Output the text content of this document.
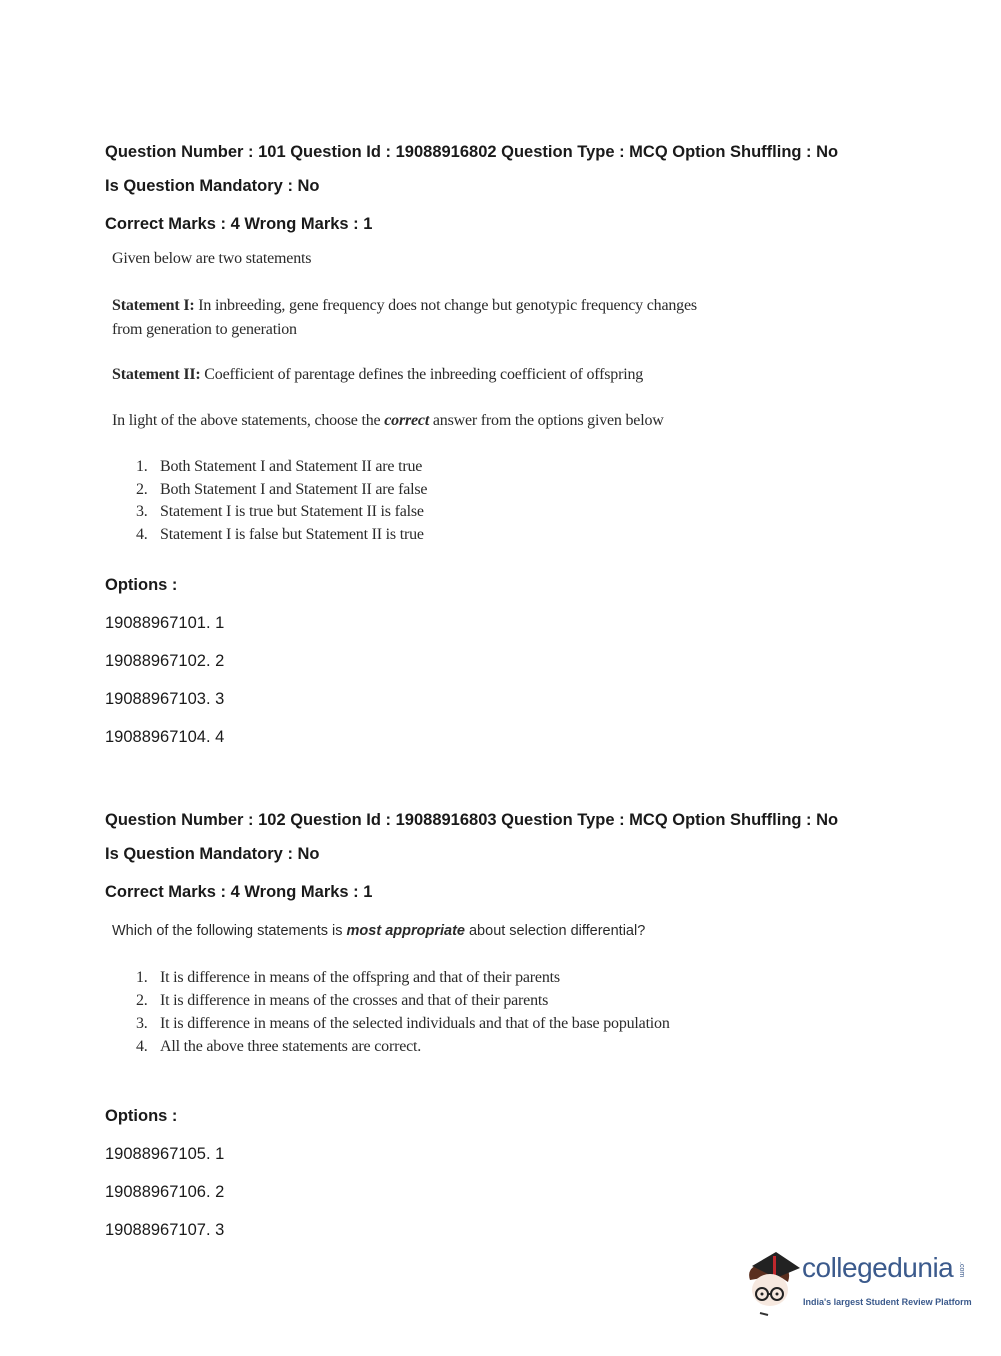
Question Number : 101 Question Id : 19088916802 Question Type : MCQ Option Shuffling : No
Is Question Mandatory : No
Correct Marks : 4 Wrong Marks : 1
Given below are two statements
Statement I: In inbreeding, gene frequency does not change but genotypic frequency changes
from generation to generation
Statement II: Coefficient of parentage defines the inbreeding coefficient of offspring
In light of the above statements, choose the correct answer from the options given below
1. Both Statement I and Statement II are true
2. Both Statement I and Statement II are false
3. Statement I is true but Statement II is false
4. Statement I is false but Statement II is true
Options :
19088967101. 1
19088967102. 2
19088967103. 3
19088967104. 4
Question Number : 102 Question Id : 19088916803 Question Type : MCQ Option Shuffling : No
Is Question Mandatory : No
Correct Marks : 4 Wrong Marks : 1
Which of the following statements is most appropriate about selection differential?
1. It is difference in means of the offspring and that of their parents
2. It is difference in means of the crosses and that of their parents
3. It is difference in means of the selected individuals and that of the base population
4. All the above three statements are correct.
Options :
19088967105. 1
19088967106. 2
19088967107. 3
collegedunia .com
India's largest Student Review Platform
